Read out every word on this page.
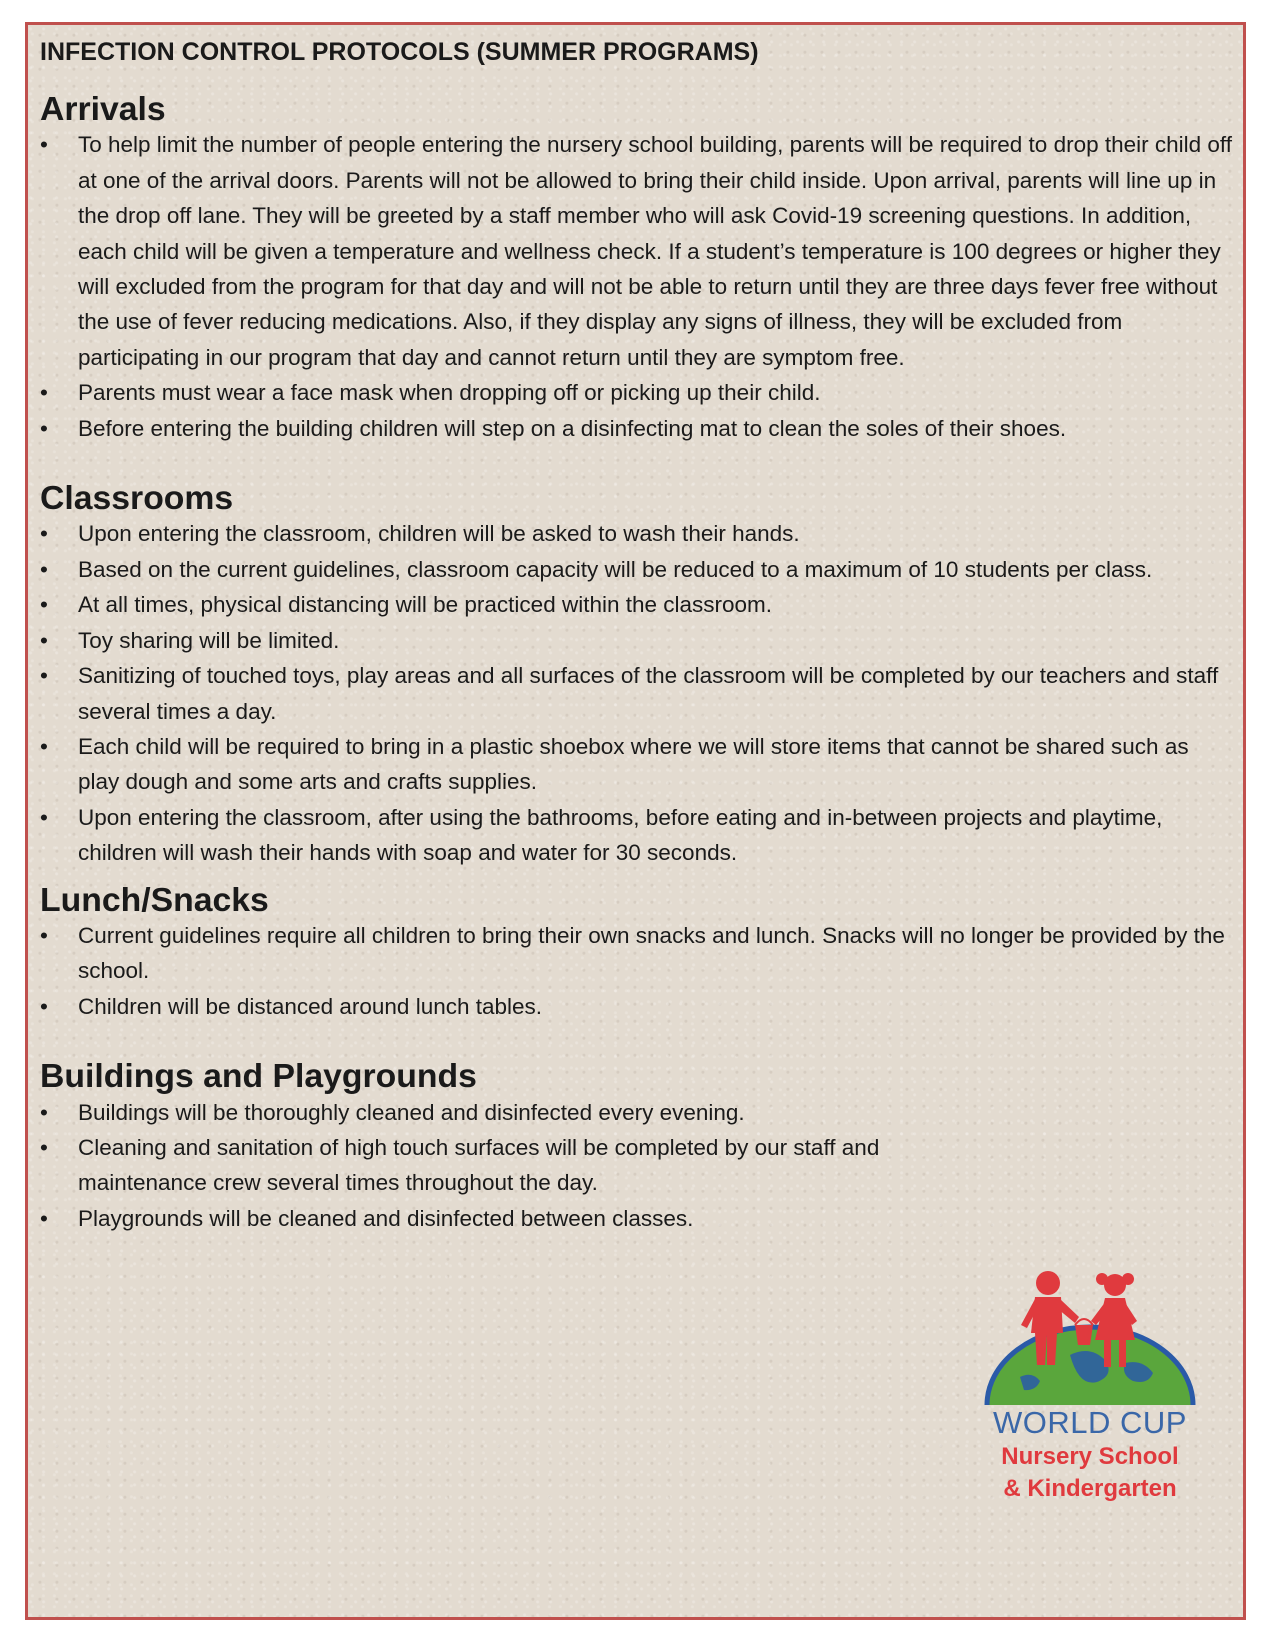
INFECTION CONTROL PROTOCOLS (SUMMER PROGRAMS)
Arrivals
• To help limit the number of people entering the nursery school building, parents will be required to drop their child off at one of the arrival doors. Parents will not be allowed to bring their child inside. Upon arrival, parents will line up in the drop off lane. They will be greeted by a staff member who will ask Covid-19 screening questions. In addition, each child will be given a temperature and wellness check. If a student’s temperature is 100 degrees or higher they will excluded from the program for that day and will not be able to return until they are three days fever free without the use of fever reducing medications. Also, if they display any signs of illness, they will be excluded from participating in our program that day and cannot return until they are symptom free.
• Parents must wear a face mask when dropping off or picking up their child.
• Before entering the building children will step on a disinfecting mat to clean the soles of their shoes.
Classrooms
• Upon entering the classroom, children will be asked to wash their hands.
• Based on the current guidelines, classroom capacity will be reduced to a maximum of 10 students per class.
• At all times, physical distancing will be practiced within the classroom.
• Toy sharing will be limited.
• Sanitizing of touched toys, play areas and all surfaces of the classroom will be completed by our teachers and staff several times a day.
• Each child will be required to bring in a plastic shoebox where we will store items that cannot be shared such as play dough and some arts and crafts supplies.
• Upon entering the classroom, after using the bathrooms, before eating and in-between projects and playtime, children will wash their hands with soap and water for 30 seconds.
Lunch/Snacks
• Current guidelines require all children to bring their own snacks and lunch. Snacks will no longer be provided by the school.
• Children will be distanced around lunch tables.
Buildings and Playgrounds
• Buildings will be thoroughly cleaned and disinfected every evening.
• Cleaning and sanitation of high touch surfaces will be completed by our staff and maintenance crew several times throughout the day.
• Playgrounds will be cleaned and disinfected between classes.
WORLD CUP
Nursery School
& Kindergarten
